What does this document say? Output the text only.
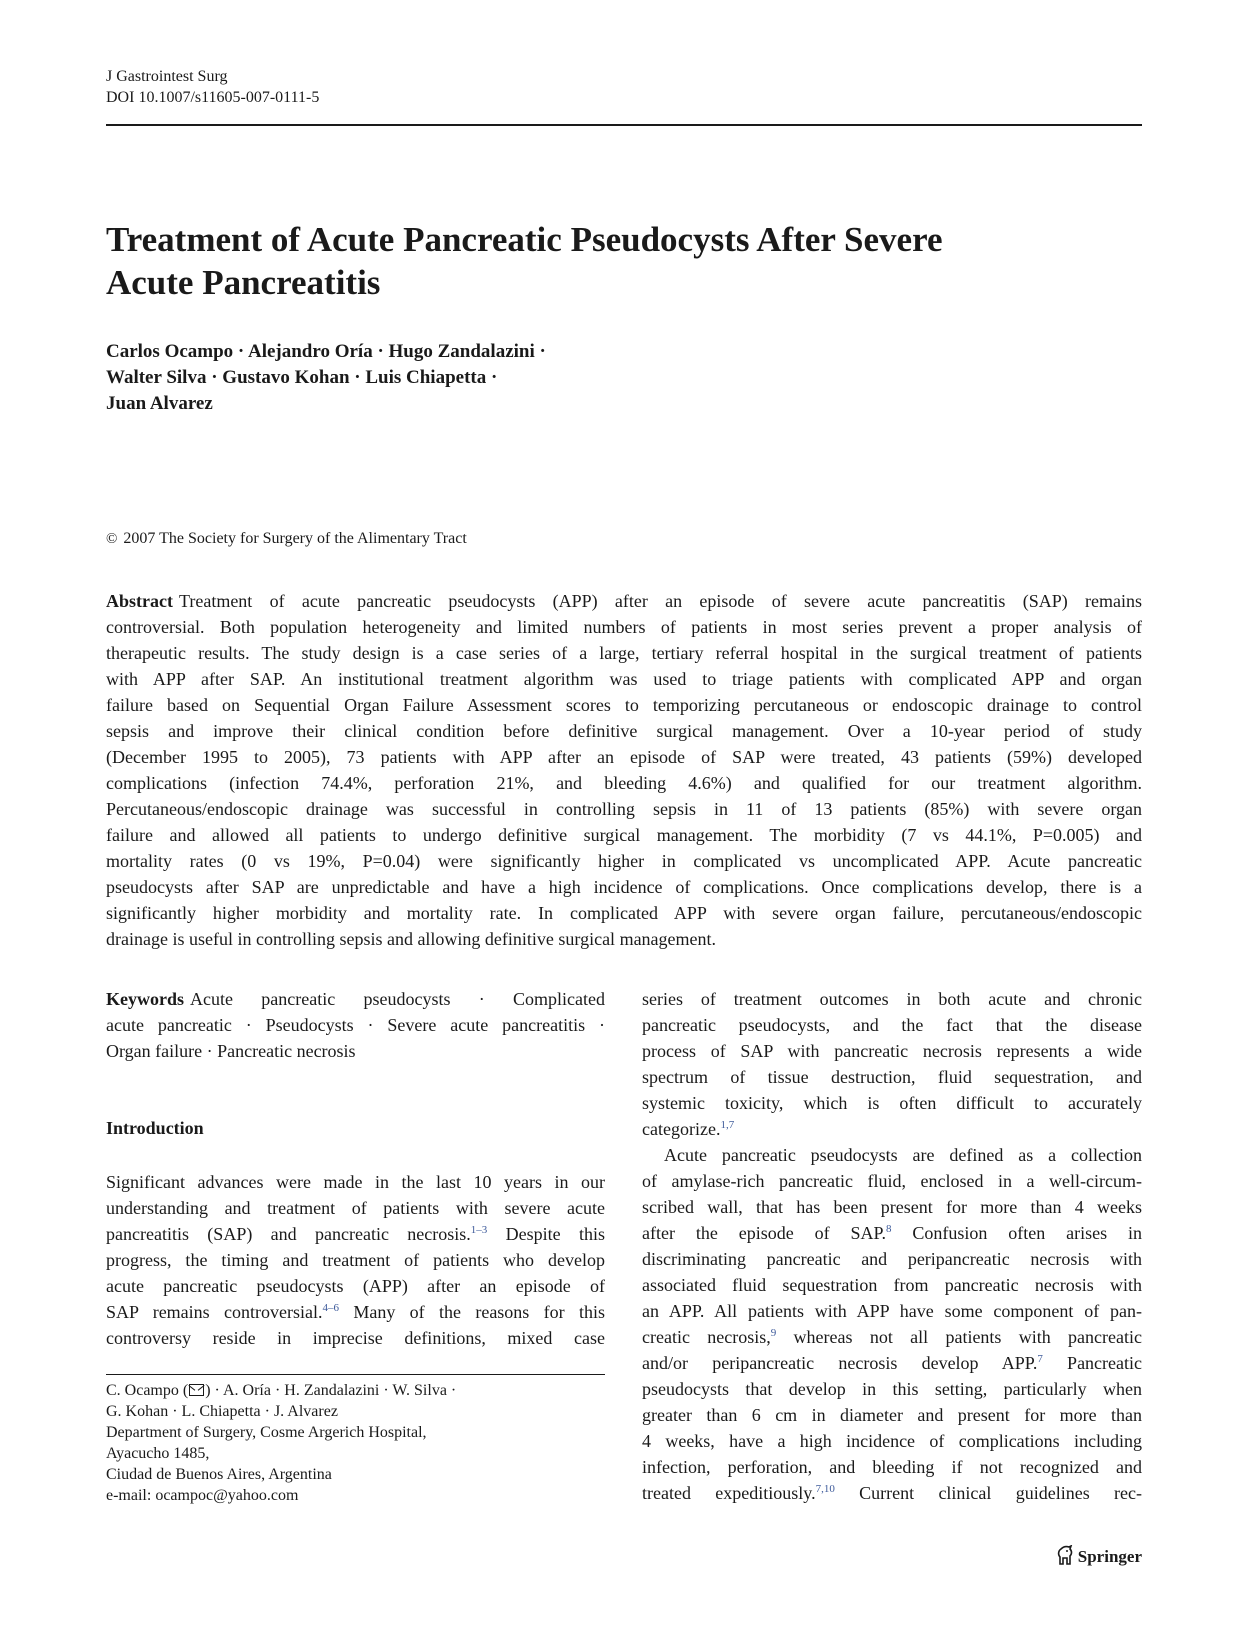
J Gastrointest Surg
DOI 10.1007/s11605-007-0111-5
Treatment of Acute Pancreatic Pseudocysts After Severe
Acute Pancreatitis
Carlos Ocampo · Alejandro Oría · Hugo Zandalazini ·
Walter Silva · Gustavo Kohan · Luis Chiapetta ·
Juan Alvarez
© 2007 The Society for Surgery of the Alimentary Tract
Abstract Treatment of acute pancreatic pseudocysts (APP) after an episode of severe acute pancreatitis (SAP) remains
controversial. Both population heterogeneity and limited numbers of patients in most series prevent a proper analysis of
therapeutic results. The study design is a case series of a large, tertiary referral hospital in the surgical treatment of patients
with APP after SAP. An institutional treatment algorithm was used to triage patients with complicated APP and organ
failure based on Sequential Organ Failure Assessment scores to temporizing percutaneous or endoscopic drainage to control
sepsis and improve their clinical condition before definitive surgical management. Over a 10-year period of study
(December 1995 to 2005), 73 patients with APP after an episode of SAP were treated, 43 patients (59%) developed
complications (infection 74.4%, perforation 21%, and bleeding 4.6%) and qualified for our treatment algorithm.
Percutaneous/endoscopic drainage was successful in controlling sepsis in 11 of 13 patients (85%) with severe organ
failure and allowed all patients to undergo definitive surgical management. The morbidity (7 vs 44.1%, P=0.005) and
mortality rates (0 vs 19%, P=0.04) were significantly higher in complicated vs uncomplicated APP. Acute pancreatic
pseudocysts after SAP are unpredictable and have a high incidence of complications. Once complications develop, there is a
significantly higher morbidity and mortality rate. In complicated APP with severe organ failure, percutaneous/endoscopic
drainage is useful in controlling sepsis and allowing definitive surgical management.
Keywords Acute pancreatic pseudocysts · Complicated
acute pancreatic · Pseudocysts · Severe acute pancreatitis ·
Organ failure · Pancreatic necrosis
Introduction
Significant advances were made in the last 10 years in our
understanding and treatment of patients with severe acute
pancreatitis (SAP) and pancreatic necrosis.$^{1-3}$ Despite this
progress, the timing and treatment of patients who develop
acute pancreatic pseudocysts (APP) after an episode of
SAP remains controversial.$^{4-6}$ Many of the reasons for this
controversy reside in imprecise definitions, mixed case
C. Ocampo ( ) · A. Oría · H. Zandalazini · W. Silva ·
G. Kohan · L. Chiapetta · J. Alvarez
Department of Surgery, Cosme Argerich Hospital,
Ayacucho 1485,
Ciudad de Buenos Aires, Argentina
e-mail: ocampoc@yahoo.com
series of treatment outcomes in both acute and chronic
pancreatic pseudocysts, and the fact that the disease
process of SAP with pancreatic necrosis represents a wide
spectrum of tissue destruction, fluid sequestration, and
systemic toxicity, which is often difficult to accurately
categorize.$^{1,7}$
Acute pancreatic pseudocysts are defined as a collection
of amylase-rich pancreatic fluid, enclosed in a well-circum-
scribed wall, that has been present for more than 4 weeks
after the episode of SAP.$^8$ Confusion often arises in
discriminating pancreatic and peripancreatic necrosis with
associated fluid sequestration from pancreatic necrosis with
an APP. All patients with APP have some component of pan-
creatic necrosis,$^9$ whereas not all patients with pancreatic
and/or peripancreatic necrosis develop APP.$^7$ Pancreatic
pseudocysts that develop in this setting, particularly when
greater than 6 cm in diameter and present for more than
4 weeks, have a high incidence of complications including
infection, perforation, and bleeding if not recognized and
treated expeditiously.$^{7,10}$ Current clinical guidelines rec-
Springer
